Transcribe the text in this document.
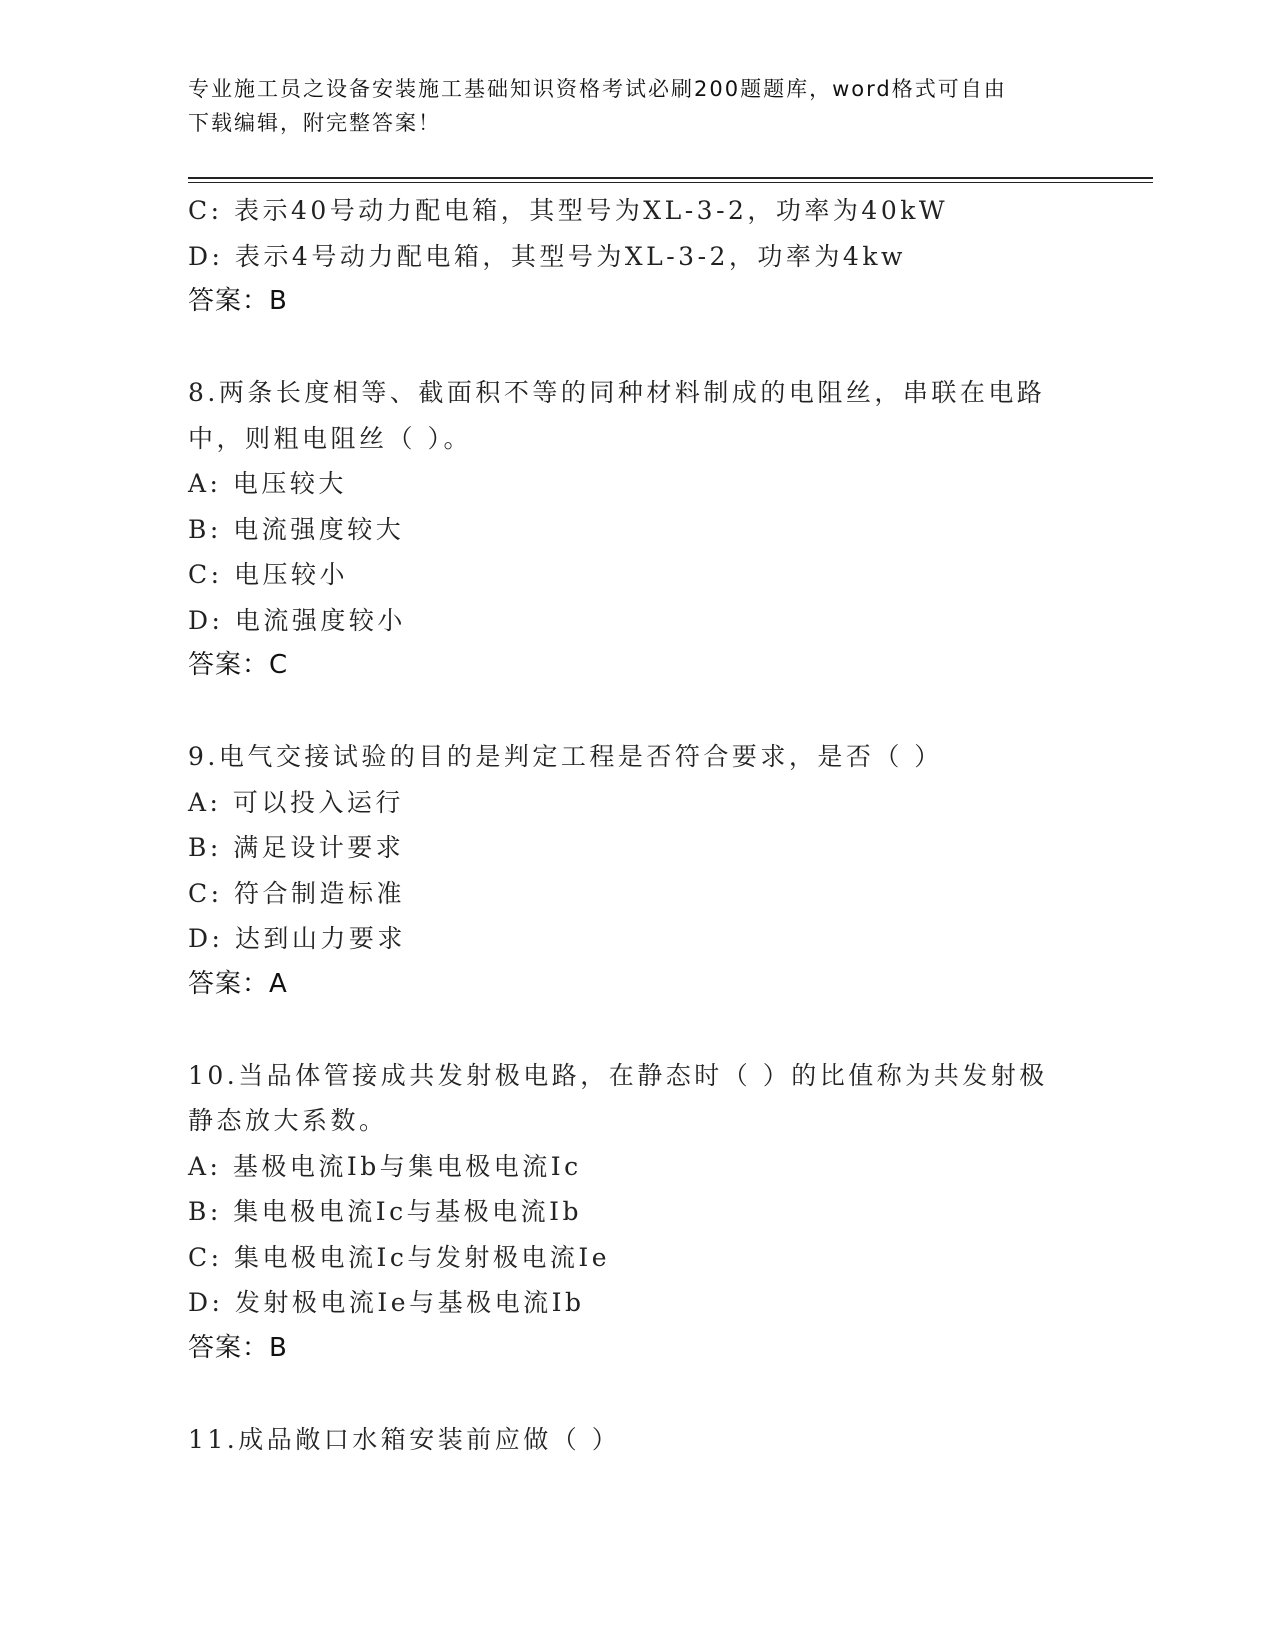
专业施工员之设备安装施工基础知识资格考试必刷200题题库，word格式可自由
下载编辑，附完整答案！
C: 表示40号动力配电箱，其型号为XL-3-2，功率为40kW
D: 表示4号动力配电箱，其型号为XL-3-2，功率为4kw
答案：B
8.两条长度相等、截面积不等的同种材料制成的电阻丝，串联在电路
中，则粗电阻丝（ ）。
A: 电压较大
B: 电流强度较大
C: 电压较小
D: 电流强度较小
答案：C
9.电气交接试验的目的是判定工程是否符合要求，是否（ ）
A: 可以投入运行
B: 满足设计要求
C: 符合制造标准
D: 达到山力要求
答案：A
10.当品体管接成共发射极电路，在静态时（ ）的比值称为共发射极
静态放大系数。
A: 基极电流Ib与集电极电流Ic
B: 集电极电流Ic与基极电流Ib
C: 集电极电流Ic与发射极电流Ie
D: 发射极电流Ie与基极电流Ib
答案：B
11.成品敞口水箱安装前应做（ ）
